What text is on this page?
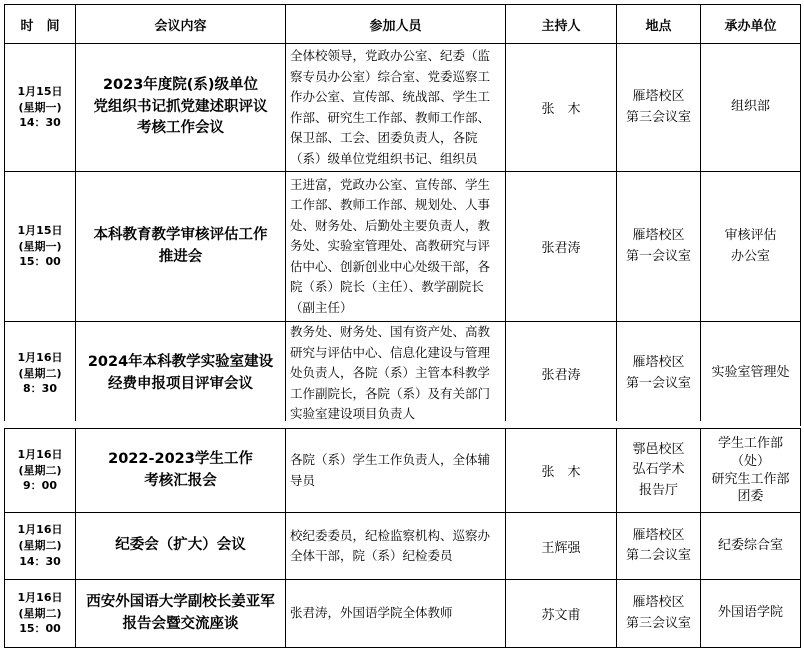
时　间	会议内容	参加人员	主持人	地点	承办单位

1月15日
(星期一)
14：30	2023年度院(系)级单位
党组织书记抓党建述职评议
考核工作会议	全体校领导，党政办公室、纪委（监察专员办公室）综合室、党委巡察工作办公室、宣传部、统战部、学生工作部、研究生工作部、教师工作部、保卫部、工会、团委负责人，各院（系）级单位党组织书记、组织员	张　木	雁塔校区
第三会议室	组织部

1月15日
(星期一)
15：00	本科教育教学审核评估工作
推进会	王进富，党政办公室、宣传部、学生工作部、教师工作部、规划处、人事处、财务处、后勤处主要负责人，教务处、实验室管理处、高教研究与评估中心、创新创业中心处级干部，各院（系）院长（主任）、教学副院长（副主任）	张君涛	雁塔校区
第一会议室	审核评估
办公室

1月16日
(星期二)
8：30	2024年本科教学实验室建设
经费申报项目评审会议	教务处、财务处、国有资产处、高教研究与评估中心、信息化建设与管理处负责人，各院（系）主管本科教学工作副院长，各院（系）及有关部门实验室建设项目负责人	张君涛	雁塔校区
第一会议室	实验室管理处
1月16日
(星期二)
9：00	2022-2023学生工作
考核汇报会	各院（系）学生工作负责人，全体辅导员	张　木	鄠邑校区
弘石学术
报告厅	学生工作部
（处）
研究生工作部
团委

1月16日
(星期二)
14：30	纪委会（扩大）会议	校纪委委员，纪检监察机构、巡察办全体干部，院（系）纪检委员	王辉强	雁塔校区
第二会议室	纪委综合室

1月16日
(星期二)
15：00	西安外国语大学副校长姜亚军
报告会暨交流座谈	张君涛，外国语学院全体教师	苏文甫	雁塔校区
第三会议室	外国语学院
